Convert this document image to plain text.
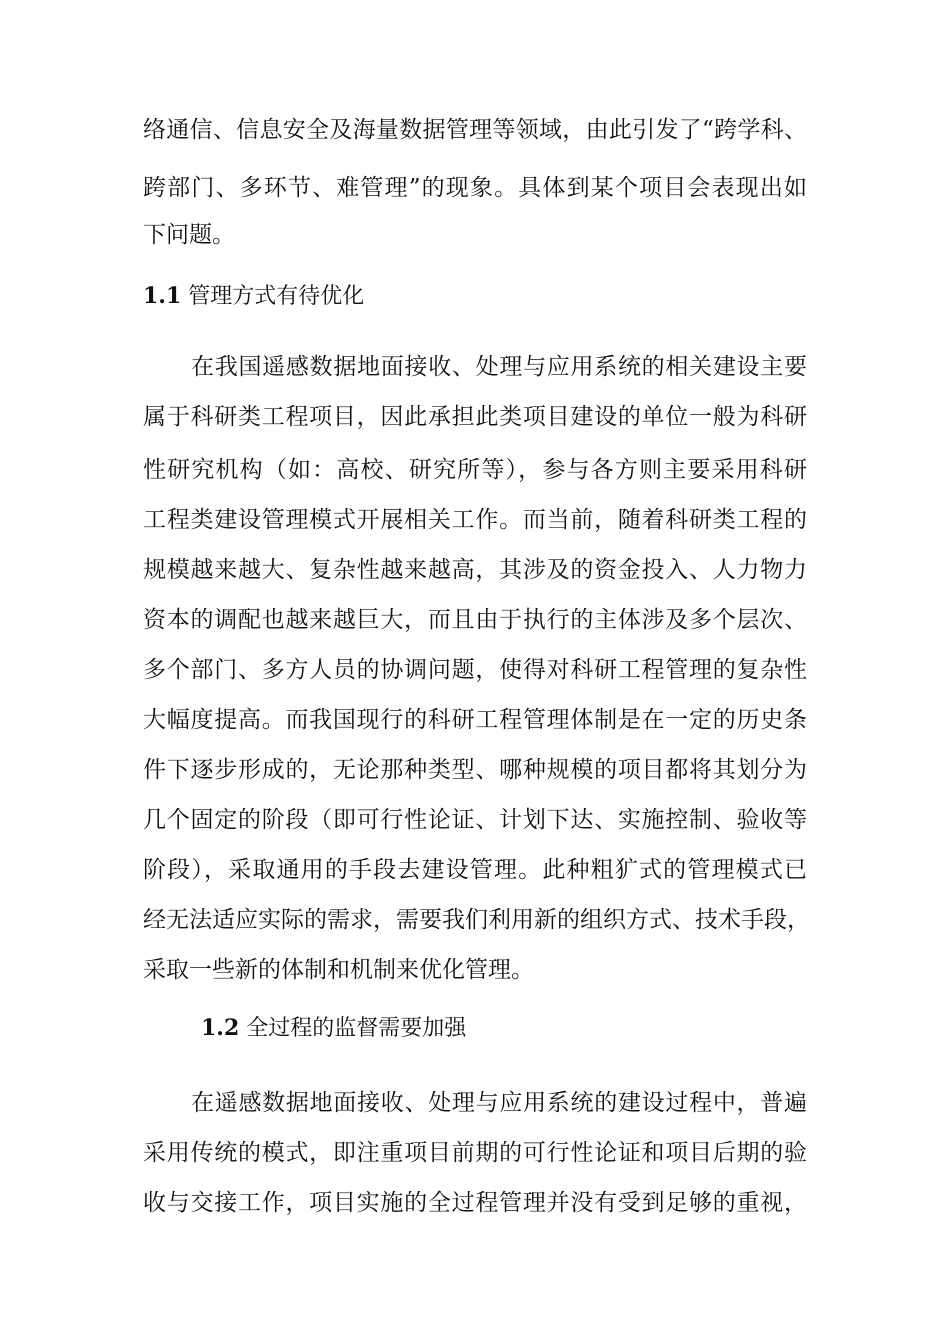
络通信、信息安全及海量数据管理等领域，由此引发了“跨学科、
跨部门、多环节、难管理”的现象。具体到某个项目会表现出如
下问题。
1.1 管理方式有待优化
在我国遥感数据地面接收、处理与应用系统的相关建设主要
属于科研类工程项目，因此承担此类项目建设的单位一般为科研
性研究机构（如：高校、研究所等），参与各方则主要采用科研
工程类建设管理模式开展相关工作。而当前，随着科研类工程的
规模越来越大、复杂性越来越高，其涉及的资金投入、人力物力
资本的调配也越来越巨大，而且由于执行的主体涉及多个层次、
多个部门、多方人员的协调问题，使得对科研工程管理的复杂性
大幅度提高。而我国现行的科研工程管理体制是在一定的历史条
件下逐步形成的，无论那种类型、哪种规模的项目都将其划分为
几个固定的阶段（即可行性论证、计划下达、实施控制、验收等
阶段），采取通用的手段去建设管理。此种粗犷式的管理模式已
经无法适应实际的需求，需要我们利用新的组织方式、技术手段，
采取一些新的体制和机制来优化管理。
1.2 全过程的监督需要加强
在遥感数据地面接收、处理与应用系统的建设过程中，普遍
采用传统的模式，即注重项目前期的可行性论证和项目后期的验
收与交接工作，项目实施的全过程管理并没有受到足够的重视，
